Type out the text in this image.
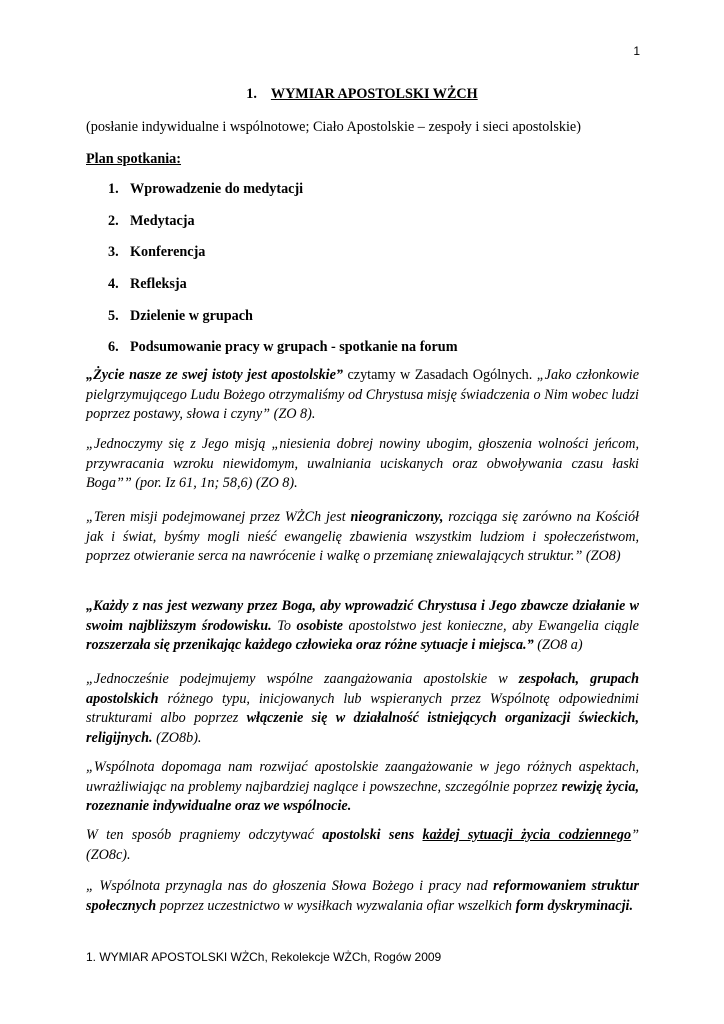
1
1. WYMIAR APOSTOLSKI WŻCH
(posłanie indywidualne i wspólnotowe; Ciało Apostolskie – zespoły i sieci apostolskie)
Plan spotkania:
1. Wprowadzenie do medytacji
2. Medytacja
3. Konferencja
4. Refleksja
5. Dzielenie w grupach
6. Podsumowanie pracy w grupach - spotkanie na forum

„Życie nasze ze swej istoty jest apostolskie” czytamy w Zasadach Ogólnych. „Jako członkowie pielgrzymującego Ludu Bożego otrzymaliśmy od Chrystusa misję świadczenia o Nim wobec ludzi poprzez postawy, słowa i czyny” (ZO 8).

„Jednoczymy się z Jego misją „niesienia dobrej nowiny ubogim, głoszenia wolności jeńcom, przywracania wzroku niewidomym, uwalniania uciskanych oraz obwoływania czasu łaski Boga”” (por. Iz 61, 1n; 58,6) (ZO 8).

„Teren misji podejmowanej przez WŻCh jest nieograniczony, rozciąga się zarówno na Kościół jak i świat, byśmy mogli nieść ewangelię zbawienia wszystkim ludziom i społeczeństwom, poprzez otwieranie serca na nawrócenie i walkę o przemianę zniewalających struktur.” (ZO8)

„Każdy z nas jest wezwany przez Boga, aby wprowadzić Chrystusa i Jego zbawcze działanie w swoim najbliższym środowisku. To osobiste apostolstwo jest konieczne, aby Ewangelia ciągle rozszerzała się przenikając każdego człowieka oraz różne sytuacje i miejsca.” (ZO8 a)

„Jednocześnie podejmujemy wspólne zaangażowania apostolskie w zespołach, grupach apostolskich różnego typu, inicjowanych lub wspieranych przez Wspólnotę odpowiednimi strukturami albo poprzez włączenie się w działalność istniejących organizacji świeckich, religijnych. (ZO8b).

„Wspólnota dopomaga nam rozwijać apostolskie zaangażowanie w jego różnych aspektach, uwrażliwiając na problemy najbardziej naglące i powszechne, szczególnie poprzez rewizję życia, rozeznanie indywidualne oraz we wspólnocie.

W ten sposób pragniemy odczytywać apostolski sens każdej sytuacji życia codziennego” (ZO8c).

„ Wspólnota przynagla nas do głoszenia Słowa Bożego i pracy nad reformowaniem struktur społecznych poprzez uczestnictwo w wysiłkach wyzwalania ofiar wszelkich form dyskryminacji.

1. WYMIAR APOSTOLSKI WŻCh, Rekolekcje WŻCh, Rogów 2009
